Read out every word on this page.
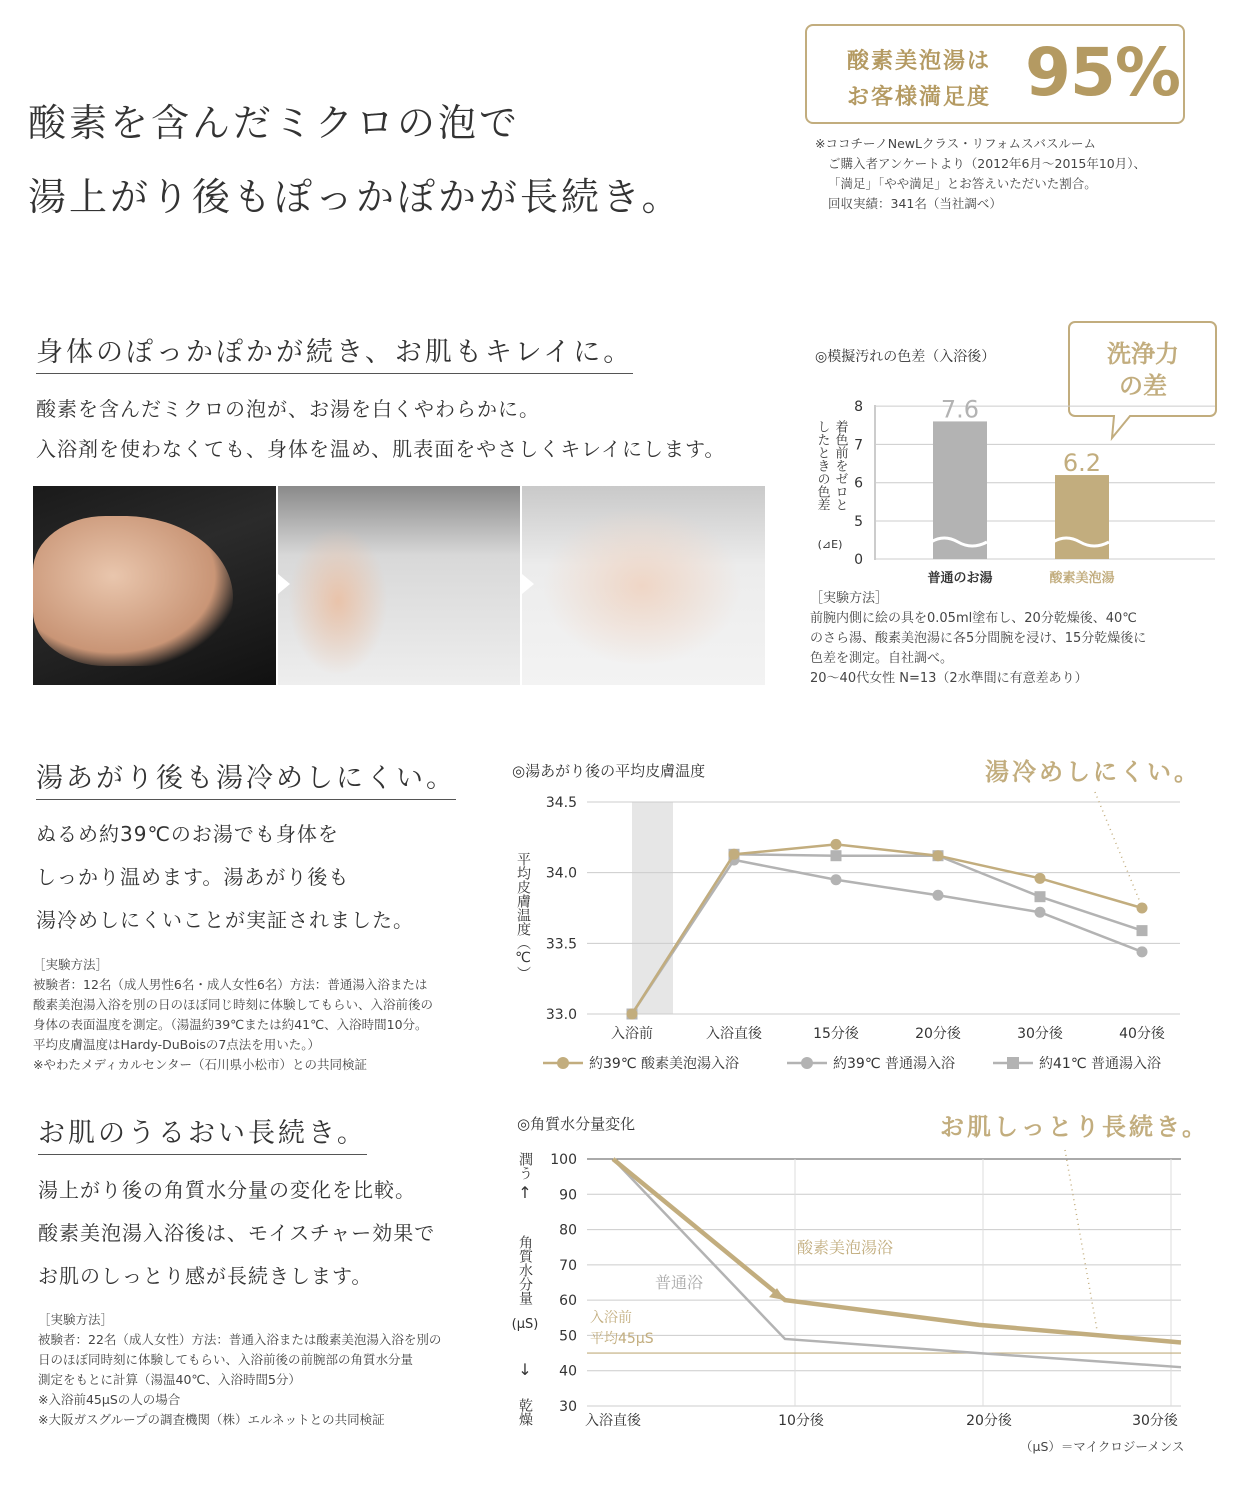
酸素を含んだミクロの泡で
湯上がり後もぽっかぽかが長続き。
酸素美泡湯は
お客様満足度 95%
※ココチーノNewLクラス・リフォムスバスルーム
ご購入者アンケートより（2012年6月〜2015年10月）、
「満足」「やや満足」とお答えいただいた割合。
回収実績：341名（当社調べ）
身体のぽっかぽかが続き、お肌もキレイに。
酸素を含んだミクロの泡が、お湯を白くやわらかに。
入浴剤を使わなくても、身体を温め、肌表面をやさしくキレイにします。
◎模擬汚れの色差（入浴後）	洗浄力
の差
8
7
6
5
0
7.6
普通のお湯
6.2
酸素美泡湯
着色前をゼロと
したときの色差
(⊿E)
［実験方法］
前腕内側に絵の具を0.05ml塗布し、20分乾燥後、40℃
のさら湯、酸素美泡湯に各5分間腕を浸け、15分乾燥後に
色差を測定。自社調べ。
20〜40代女性 N=13（2水準間に有意差あり）
湯あがり後も湯冷めしにくい。
ぬるめ約39℃のお湯でも身体を
しっかり温めます。湯あがり後も
湯冷めしにくいことが実証されました。
［実験方法］
被験者：12名（成人男性6名・成人女性6名）方法：普通湯入浴または
酸素美泡湯入浴を別の日のほぼ同じ時刻に体験してもらい、入浴前後の
身体の表面温度を測定。（湯温約39℃または約41℃、入浴時間10分。
平均皮膚温度はHardy-DuBoisの7点法を用いた。）
※やわたメディカルセンター（石川県小松市）との共同検証
◎湯あがり後の平均皮膚温度	湯冷めしにくい。
34.5
34.0
33.5
33.0
入浴前	入浴直後	15分後	20分後	30分後	40分後
平均皮膚温度（℃）
約39℃ 酸素美泡湯入浴	約39℃ 普通湯入浴	約41℃ 普通湯入浴
お肌のうるおい長続き。
湯上がり後の角質水分量の変化を比較。
酸素美泡湯入浴後は、モイスチャー効果で
お肌のしっとり感が長続きします。
［実験方法］
被験者：22名（成人女性）方法：普通入浴または酸素美泡湯入浴を別の
日のほぼ同時刻に体験してもらい、入浴前後の前腕部の角質水分量
測定をもとに計算（湯温40℃、入浴時間5分）
※入浴前45μSの人の場合
※大阪ガスグループの調査機関（株）エルネットとの共同検証
◎角質水分量変化	お肌しっとり長続き。
潤う
↑
角質水分量
(μS)
↓
乾燥
100
90
80
70
60
50
40
30
入浴直後	10分後	20分後	30分後
酸素美泡湯浴
普通浴
入浴前
平均45μS
（μS）＝マイクロジーメンス
